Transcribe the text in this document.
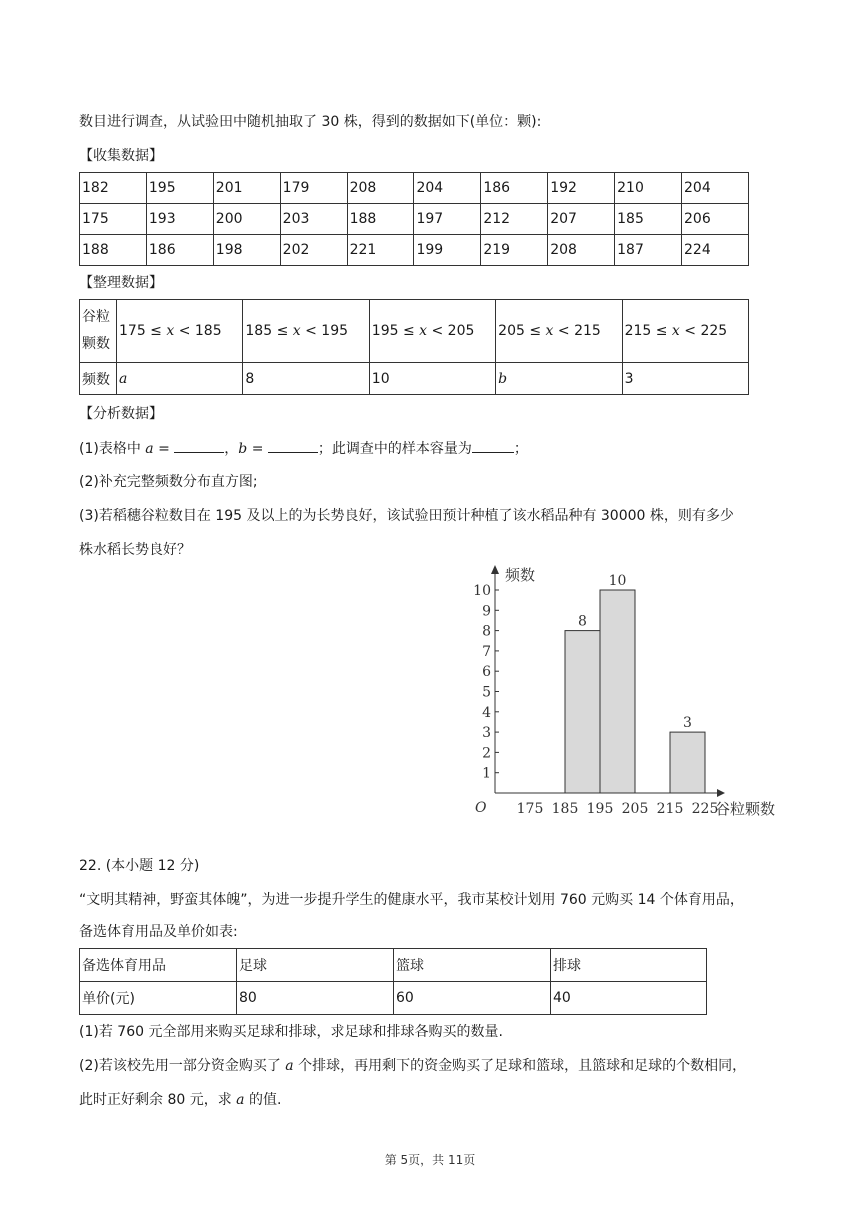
数目进行调查，从试验田中随机抽取了 30 株，得到的数据如下(单位：颗):
【收集数据】
182	195	201	179	208	204	186	192	210	204
175	193	200	203	188	197	212	207	185	206
188	186	198	202	221	199	219	208	187	224
【整理数据】
谷粒
颗数	175 ≤ x < 185	185 ≤ x < 195	195 ≤ x < 205	205 ≤ x < 215	215 ≤ x < 225
频数	a	8	10	b	3
【分析数据】
(1)表格中 a =	，b =	；此调查中的样本容量为	；
(2)补充完整频数分布直方图;
(3)若稻穗谷粒数目在 195 及以上的为长势良好，该试验田预计种植了该水稻品种有 30000 株，则有多少
株水稻长势良好？
O
1
2
3
4
5
6
7
8
9
10
175 185 195 205 215 225
频数
谷粒颗数
8
10
3
22. (本小题 12 分)
“文明其精神，野蛮其体魄”，为进一步提升学生的健康水平，我市某校计划用 760 元购买 14 个体育用品，
备选体育用品及单价如表:
备选体育用品	足球	篮球	排球
单价(元)	80	60	40
(1)若 760 元全部用来购买足球和排球，求足球和排球各购买的数量.
(2)若该校先用一部分资金购买了 a 个排球，再用剩下的资金购买了足球和篮球，且篮球和足球的个数相同，
此时正好剩余 80 元，求 a 的值.
第 5页，共 11页
